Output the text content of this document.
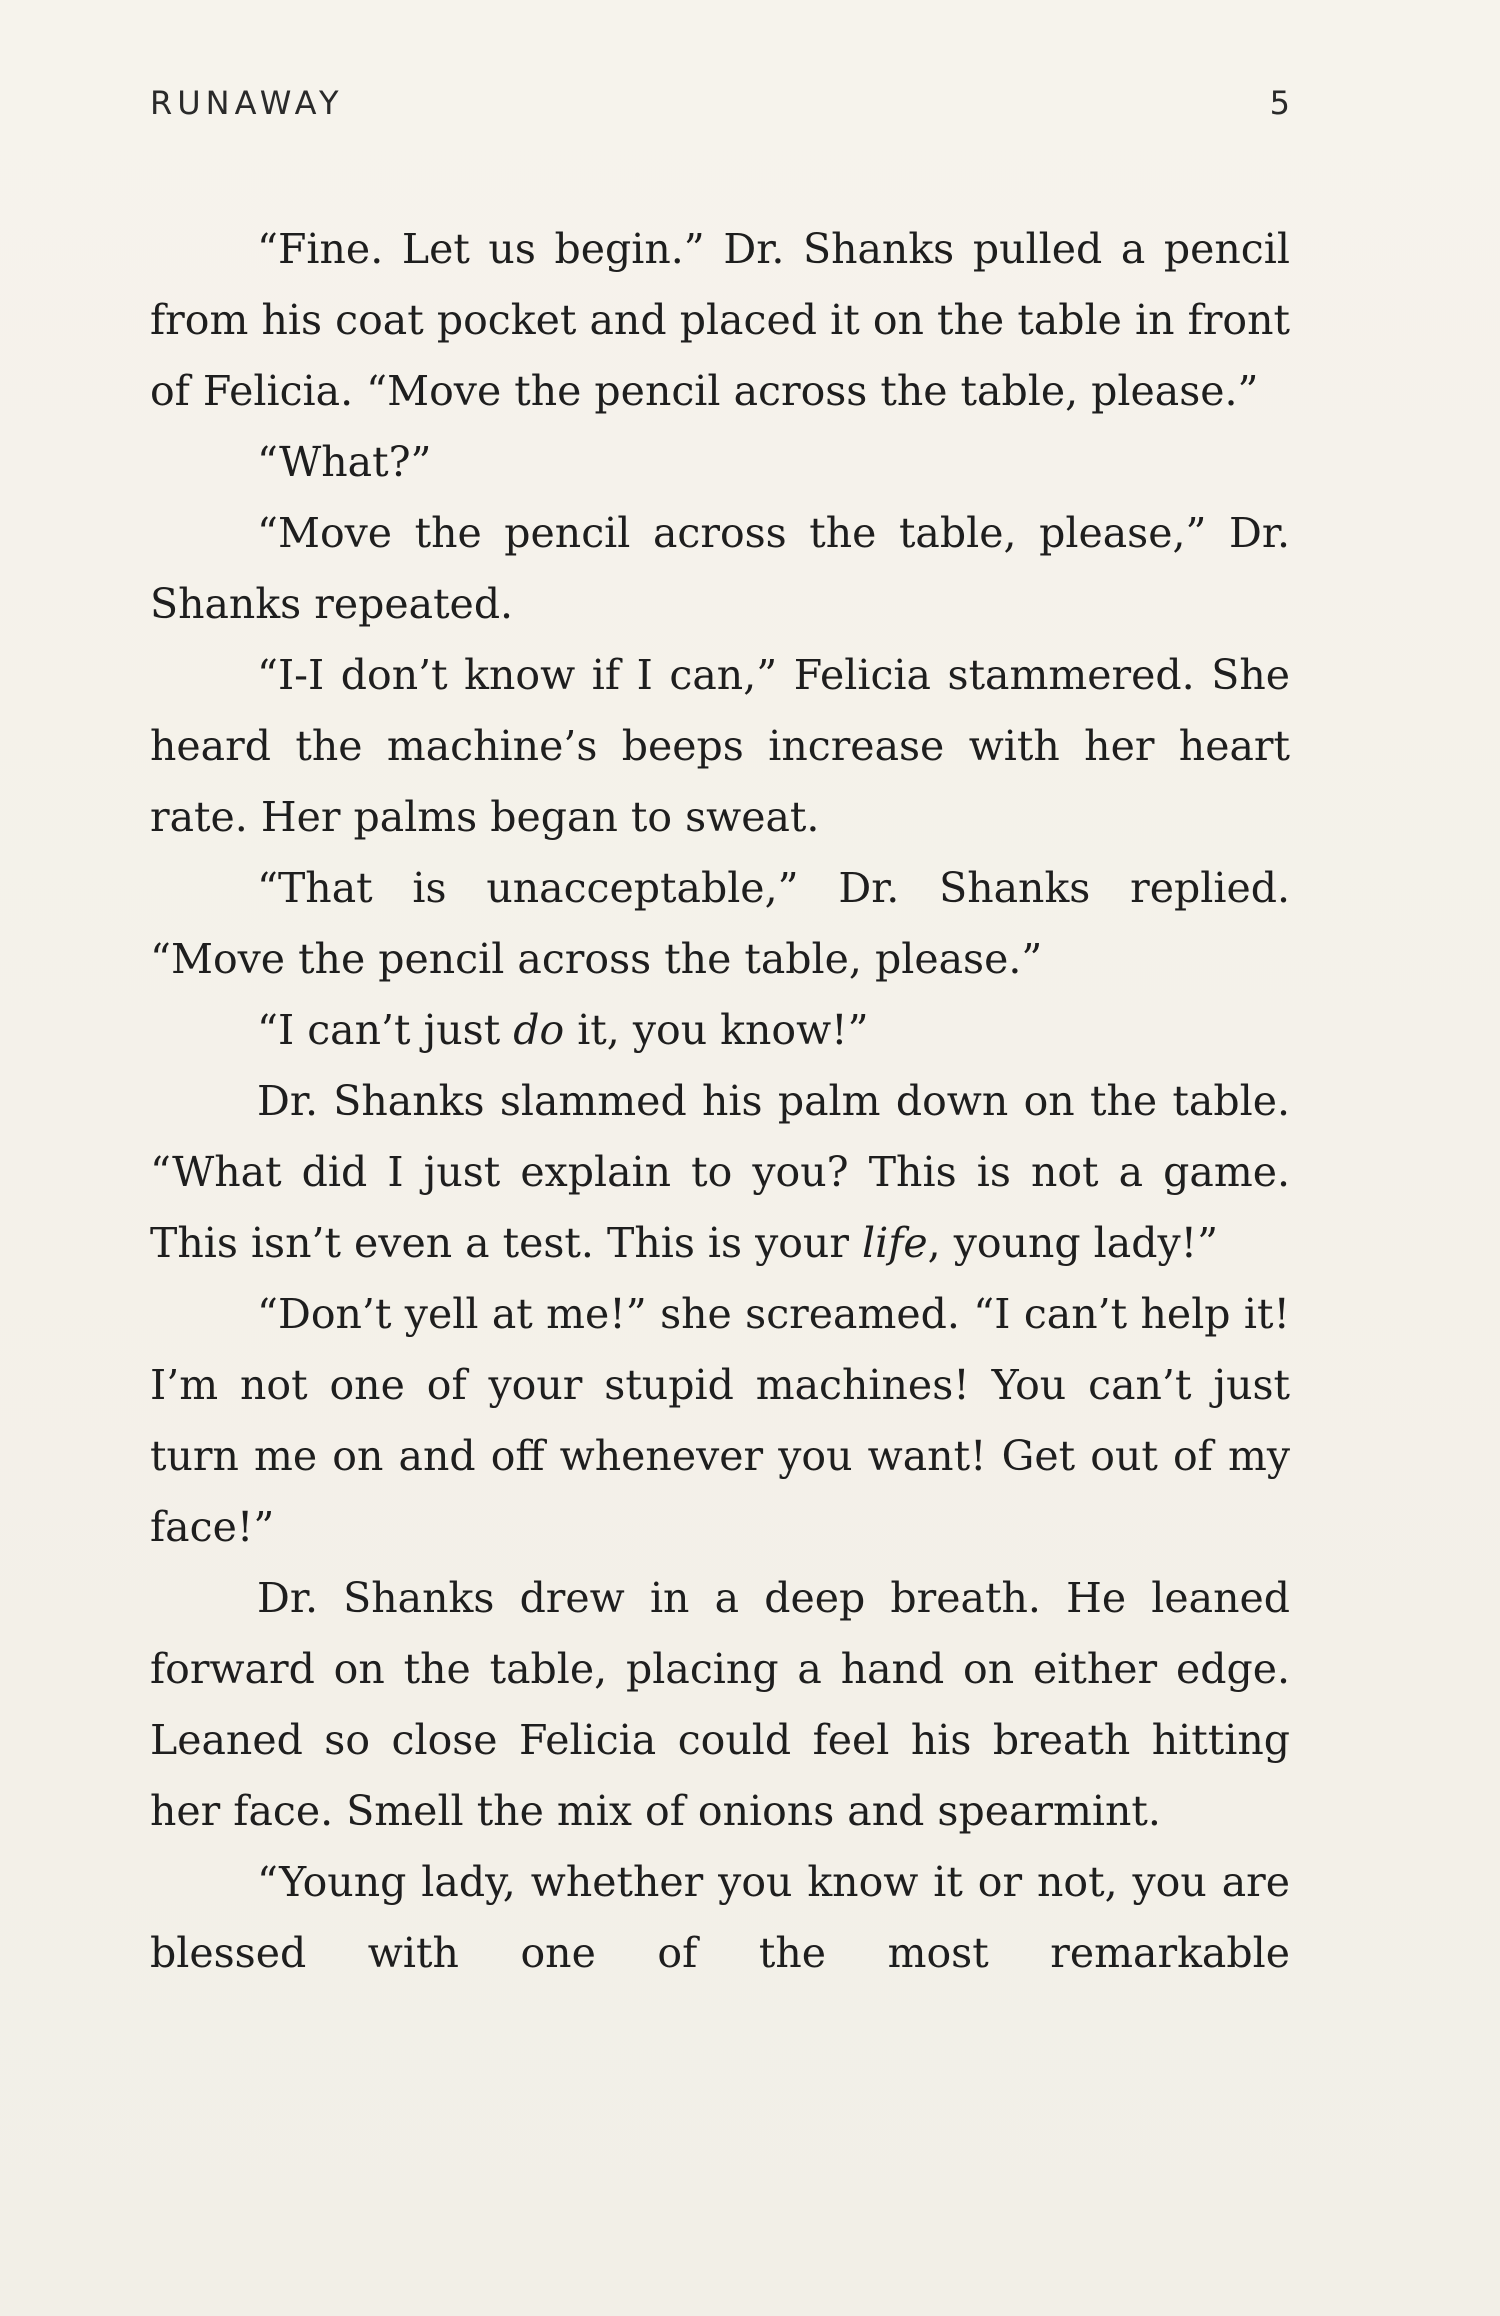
RUNAWAY	5

“Fine. Let us begin.” Dr. Shanks pulled a pencil from his coat pocket and placed it on the table in front of Felicia. “Move the pencil across the table, please.”

“What?”

“Move the pencil across the table, please,” Dr. Shanks repeated.

“I-I don’t know if I can,” Felicia stammered. She heard the machine’s beeps increase with her heart rate. Her palms began to sweat.

“That is unacceptable,” Dr. Shanks replied. “Move the pencil across the table, please.”

“I can’t just do it, you know!”

Dr. Shanks slammed his palm down on the table. “What did I just explain to you? This is not a game. This isn’t even a test. This is your life, young lady!”

“Don’t yell at me!” she screamed. “I can’t help it! I’m not one of your stupid machines! You can’t just turn me on and off whenever you want! Get out of my face!”

Dr. Shanks drew in a deep breath. He leaned forward on the table, placing a hand on either edge. Leaned so close Felicia could feel his breath hitting her face. Smell the mix of onions and spearmint.

“Young lady, whether you know it or not, you are blessed with one of the most remarkable
